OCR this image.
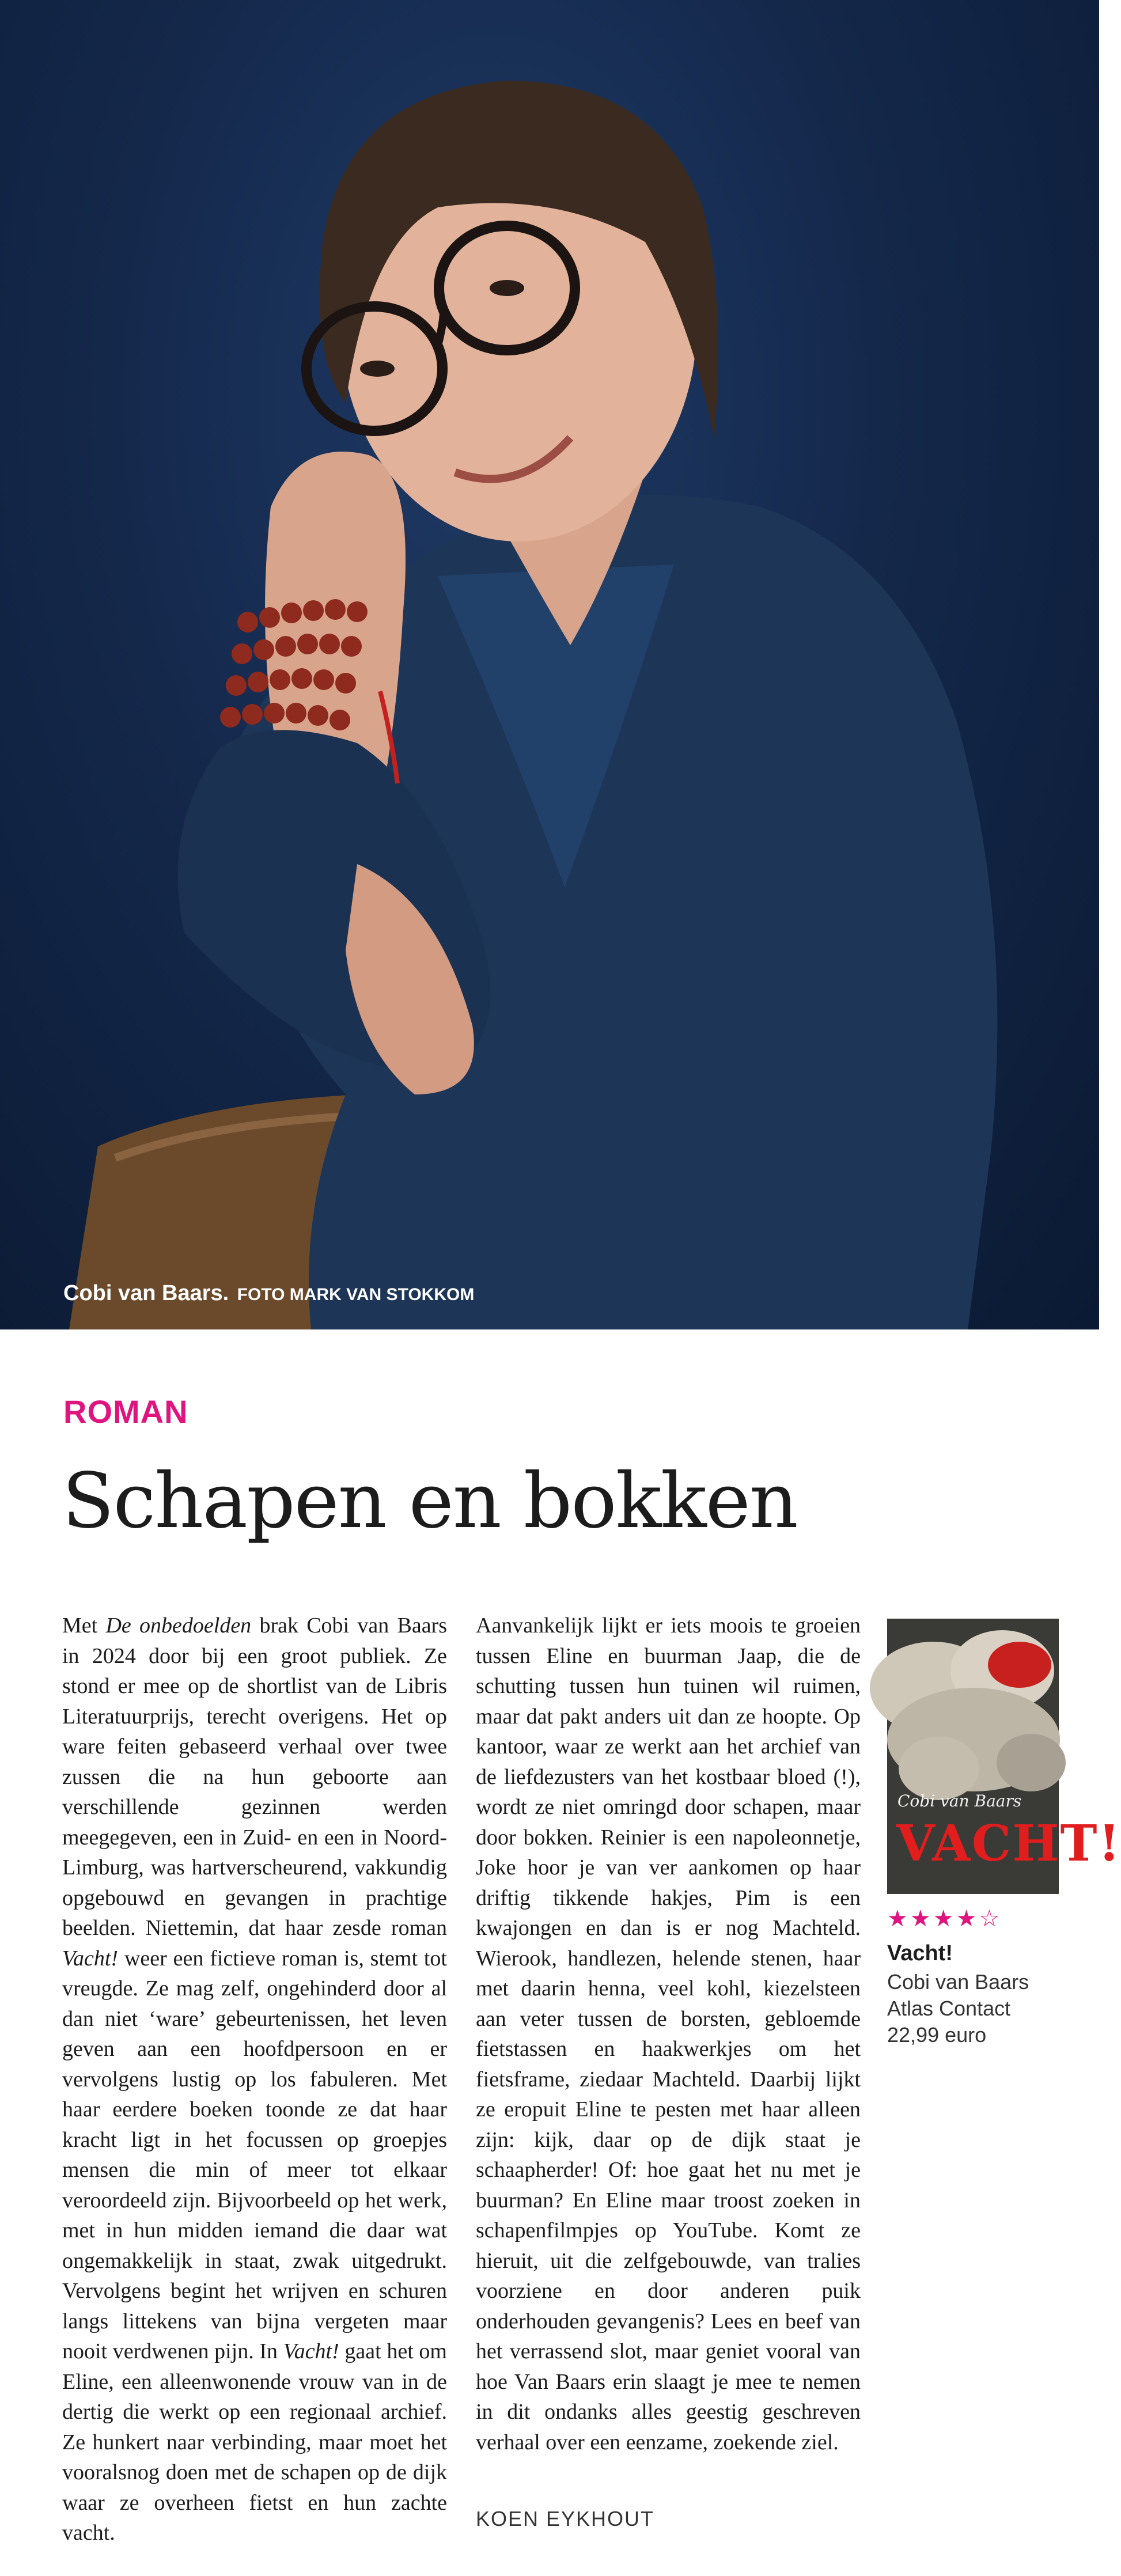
Cobi van Baars. FOTO MARK VAN STOKKOM
ROMAN
Schapen en bokken

Met De onbedoelden brak Cobi van Baars in 2024 door bij een groot publiek. Ze stond er mee op de shortlist van de Libris Literatuurprijs, terecht overigens. Het op ware feiten gebaseerd verhaal over twee zussen die na hun geboorte aan verschillende gezinnen werden meegegeven, een in Zuid- en een in Noord-Limburg, was hartverscheurend, vakkundig opgebouwd en gevangen in prachtige beelden. Niettemin, dat haar zesde roman Vacht! weer een fictieve roman is, stemt tot vreugde. Ze mag zelf, ongehinderd door al dan niet ‘ware’ gebeurtenissen, het leven geven aan een hoofdpersoon en er vervolgens lustig op los fabuleren. Met haar eerdere boeken toonde ze dat haar kracht ligt in het focussen op groepjes mensen die min of meer tot elkaar veroordeeld zijn. Bijvoorbeeld op het werk, met in hun midden iemand die daar wat ongemakkelijk in staat, zwak uitgedrukt. Vervolgens begint het wrijven en schuren langs littekens van bijna vergeten maar nooit verdwenen pijn. In Vacht! gaat het om Eline, een alleenwonende vrouw van in de dertig die werkt op een regionaal archief. Ze hunkert naar verbinding, maar moet het vooralsnog doen met de schapen op de dijk waar ze overheen fietst en hun zachte vacht.

Aanvankelijk lijkt er iets moois te groeien tussen Eline en buurman Jaap, die de schutting tussen hun tuinen wil ruimen, maar dat pakt anders uit dan ze hoopte. Op kantoor, waar ze werkt aan het archief van de liefdezusters van het kostbaar bloed (!), wordt ze niet omringd door schapen, maar door bokken. Reinier is een napoleonnetje, Joke hoor je van ver aankomen op haar driftig tikkende hakjes, Pim is een kwajongen en dan is er nog Machteld. Wierook, handlezen, helende stenen, haar met daarin henna, veel kohl, kiezelsteen aan veter tussen de borsten, gebloemde fietstassen en haakwerkjes om het fietsframe, ziedaar Machteld. Daarbij lijkt ze eropuit Eline te pesten met haar alleen zijn: kijk, daar op de dijk staat je schaapherder! Of: hoe gaat het nu met je buurman? En Eline maar troost zoeken in schapenfilmpjes op YouTube. Komt ze hieruit, uit die zelfgebouwde, van tralies voorziene en door anderen puik onderhouden gevangenis? Lees en beef van het verrassend slot, maar geniet vooral van hoe Van Baars erin slaagt je mee te nemen in dit ondanks alles geestig geschreven verhaal over een eenzame, zoekende ziel.

KOEN EYKHOUT
Cobi van Baars
VACHT!
★★★★☆
Vacht!
Cobi van Baars
Atlas Contact
22,99 euro
